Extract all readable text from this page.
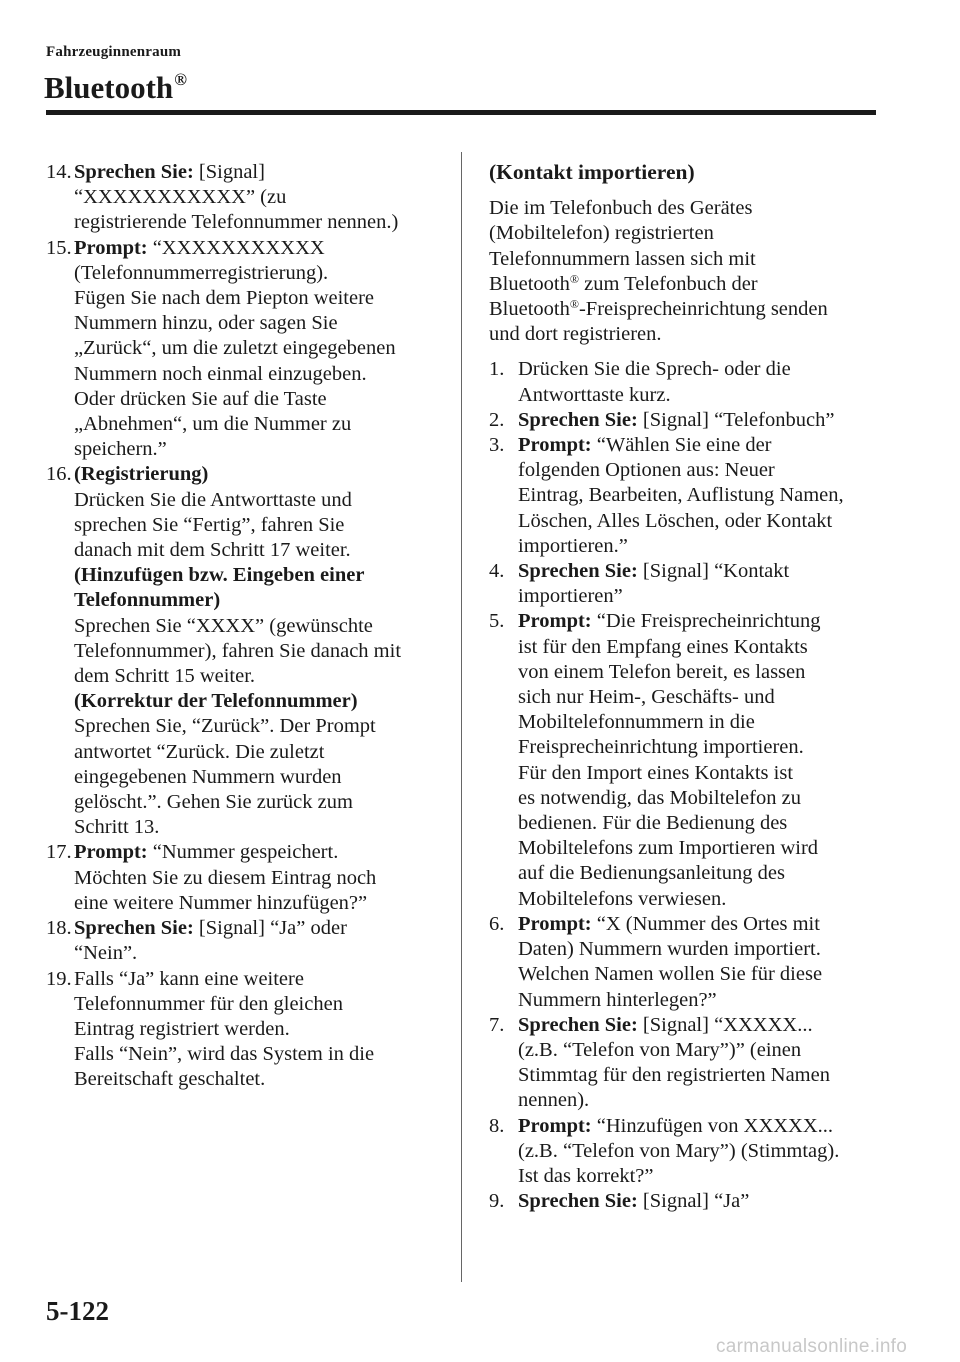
Fahrzeuginnenraum
Bluetooth®
14. Sprechen Sie: [Signal]
“XXXXXXXXXXX” (zu
registrierende Telefonnummer nennen.)
15. Prompt: “XXXXXXXXXXX
(Telefonnummerregistrierung).
Fügen Sie nach dem Piepton weitere
Nummern hinzu, oder sagen Sie
„Zurück“, um die zuletzt eingegebenen
Nummern noch einmal einzugeben.
Oder drücken Sie auf die Taste
„Abnehmen“, um die Nummer zu
speichern.”
16. (Registrierung)
Drücken Sie die Antworttaste und
sprechen Sie “Fertig”, fahren Sie
danach mit dem Schritt 17 weiter.
(Hinzufügen bzw. Eingeben einer
Telefonnummer)
Sprechen Sie “XXXX” (gewünschte
Telefonnummer), fahren Sie danach mit
dem Schritt 15 weiter.
(Korrektur der Telefonnummer)
Sprechen Sie, “Zurück”. Der Prompt
antwortet “Zurück. Die zuletzt
eingegebenen Nummern wurden
gelöscht.”. Gehen Sie zurück zum
Schritt 13.
17. Prompt: “Nummer gespeichert.
Möchten Sie zu diesem Eintrag noch
eine weitere Nummer hinzufügen?”
18. Sprechen Sie: [Signal] “Ja” oder
“Nein”.
19. Falls “Ja” kann eine weitere
Telefonnummer für den gleichen
Eintrag registriert werden.
Falls “Nein”, wird das System in die
Bereitschaft geschaltet.
(Kontakt importieren)
Die im Telefonbuch des Gerätes
(Mobiltelefon) registrierten
Telefonnummern lassen sich mit
Bluetooth® zum Telefonbuch der
Bluetooth®-Freisprecheinrichtung senden
und dort registrieren.
1. Drücken Sie die Sprech- oder die
Antworttaste kurz.
2. Sprechen Sie: [Signal] “Telefonbuch”
3. Prompt: “Wählen Sie eine der
folgenden Optionen aus: Neuer
Eintrag, Bearbeiten, Auflistung Namen,
Löschen, Alles Löschen, oder Kontakt
importieren.”
4. Sprechen Sie: [Signal] “Kontakt
importieren”
5. Prompt: “Die Freisprecheinrichtung
ist für den Empfang eines Kontakts
von einem Telefon bereit, es lassen
sich nur Heim-, Geschäfts- und
Mobiltelefonnummern in die
Freisprecheinrichtung importieren.
Für den Import eines Kontakts ist
es notwendig, das Mobiltelefon zu
bedienen. Für die Bedienung des
Mobiltelefons zum Importieren wird
auf die Bedienungsanleitung des
Mobiltelefons verwiesen.
6. Prompt: “X (Nummer des Ortes mit
Daten) Nummern wurden importiert.
Welchen Namen wollen Sie für diese
Nummern hinterlegen?”
7. Sprechen Sie: [Signal] “XXXXX...
(z.B. “Telefon von Mary”)” (einen
Stimmtag für den registrierten Namen
nennen).
8. Prompt: “Hinzufügen von XXXXX...
(z.B. “Telefon von Mary”) (Stimmtag).
Ist das korrekt?”
9. Sprechen Sie: [Signal] “Ja”
5-122
carmanualsonline.info
